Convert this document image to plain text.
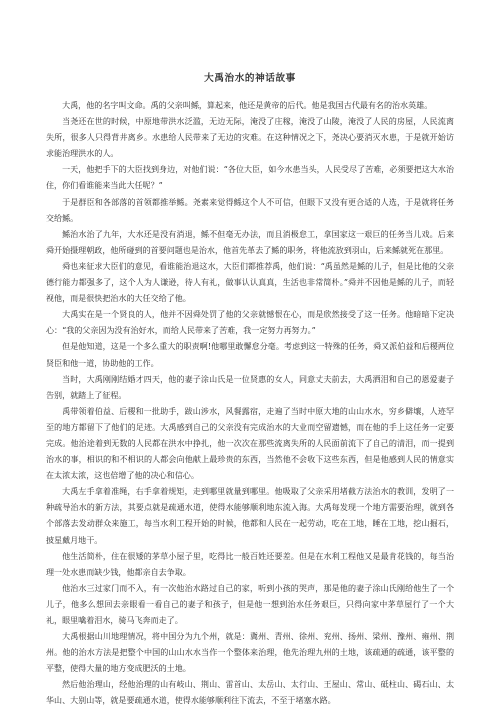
大禹治水的神话故事

大禹，他的名字叫文命。禹的父亲叫鲧，算起来，他还是黄帝的后代。他是我国古代最有名的治水英雄。

当尧还在世的时候，中原地带洪水泛滥，无边无际，淹没了庄稼，淹没了山陵，淹没了人民的房屋，人民流离失所，很多人只得背井离乡。水患给人民带来了无边的灾难。在这种情况之下，尧决心要消灭水患，于是就开始访求能治理洪水的人。

一天，他把手下的大臣找到身边，对他们说：“各位大臣，如今水患当头，人民受尽了苦难，必须要把这大水治住，你们看谁能来当此大任呢？”

于是群臣和各部落的首领都推举鲧。尧素来觉得鲧这个人不可信，但眼下又没有更合适的人选，于是就将任务交给鲧。

鲧治水治了九年，大水还是没有消退，鲧不但毫无办法，而且消极怠工，拿国家这一艰巨的任务当儿戏。后来舜开始摄理朝政，他所碰到的首要问题也是治水，他首先革去了鲧的职务，将他流放到羽山，后来鲧就死在那里。

舜也来征求大臣们的意见，看谁能治退这水，大臣们都推荐禹，他们说：“禹虽然是鲧的儿子，但是比他的父亲德行能力都强多了，这个人为人谦逊，待人有礼，做事认认真真，生活也非常简朴。”舜并不因他是鲧的儿子，而轻视他，而是很快把治水的大任交给了他。

大禹实在是一个贤良的人，他并不因舜处罚了他的父亲就憾恨在心，而是欣然接受了这一任务。他暗暗下定决心：“我的父亲因为没有治好水，而给人民带来了苦难，我一定努力再努力。”

但是他知道，这是一个多么重大的职责啊!他哪里敢懈怠分毫。考虑到这一特殊的任务，舜又派伯益和后稷两位贤臣和他一道，协助他的工作。

当时，大禹刚刚结婚才四天，他的妻子涂山氏是一位贤惠的女人，同意丈夫前去，大禹洒泪和自己的恩爱妻子告别，就踏上了征程。

禹带领着伯益、后稷和一批助手，跋山涉水，风餐露宿，走遍了当时中原大地的山山水水，穷乡僻壤，人迹罕至的地方都留下了他们的足迹。大禹感到自己的父亲没有完成治水的大业而空留遗憾，而在他的手上这任务一定要完成。他治途着到无数的人民都在洪水中挣扎，他一次次在那些流离失所的人民面前流下了自己的清泪，而一提到治水的事，相识的和不相识的人都会向他献上最珍贵的东西，当然他不会收下这些东西，但是他感到人民的情意实在太浓太浓，这也倍增了他的决心和信心。

大禹左手拿着准绳，右手拿着规矩，走到哪里就量到哪里。他吸取了父亲采用堵截方法治水的教训，发明了一种疏导治水的新方法，其要点就是疏通水道，使得水能够顺利地东流入海。大禹每发现一个地方需要治理，就到各个部落去发动群众来施工，每当水利工程开始的时候，他都和人民在一起劳动，吃在工地，睡在工地，挖山掘石，披星戴月地干。

他生活简朴，住在很矮的茅草小屋子里，吃得比一般百姓还要差。但是在水利工程他又是最肯花钱的，每当治理一处水患而缺少钱，他都亲自去争取。

他治水三过家门而不入，有一次他治水路过自己的家，听到小孩的哭声，那是他的妻子涂山氏刚给他生了一个儿子，他多么想回去亲眼看一看自己的妻子和孩子，但是他一想到治水任务艰巨，只得向家中茅草屋行了一个大礼，眼里噙着泪水，骑马飞奔而走了。

大禹根据山川地理情况，将中国分为九个州，就是：冀州、青州、徐州、兖州、扬州、梁州、豫州、雍州、荆州。他的治水方法是把整个中国的山山水水当作一个整体来治理，他先治理九州的土地，该疏通的疏通，该平整的平整，使得大量的地方变成肥沃的土地。

然后他治理山，经他治理的山有岐山、荆山、雷首山、太岳山、太行山、王屋山、常山、砥柱山、碣石山、太华山、大别山等，就是要疏通水道，使得水能够顺利往下流去，不至于堵塞水路。
